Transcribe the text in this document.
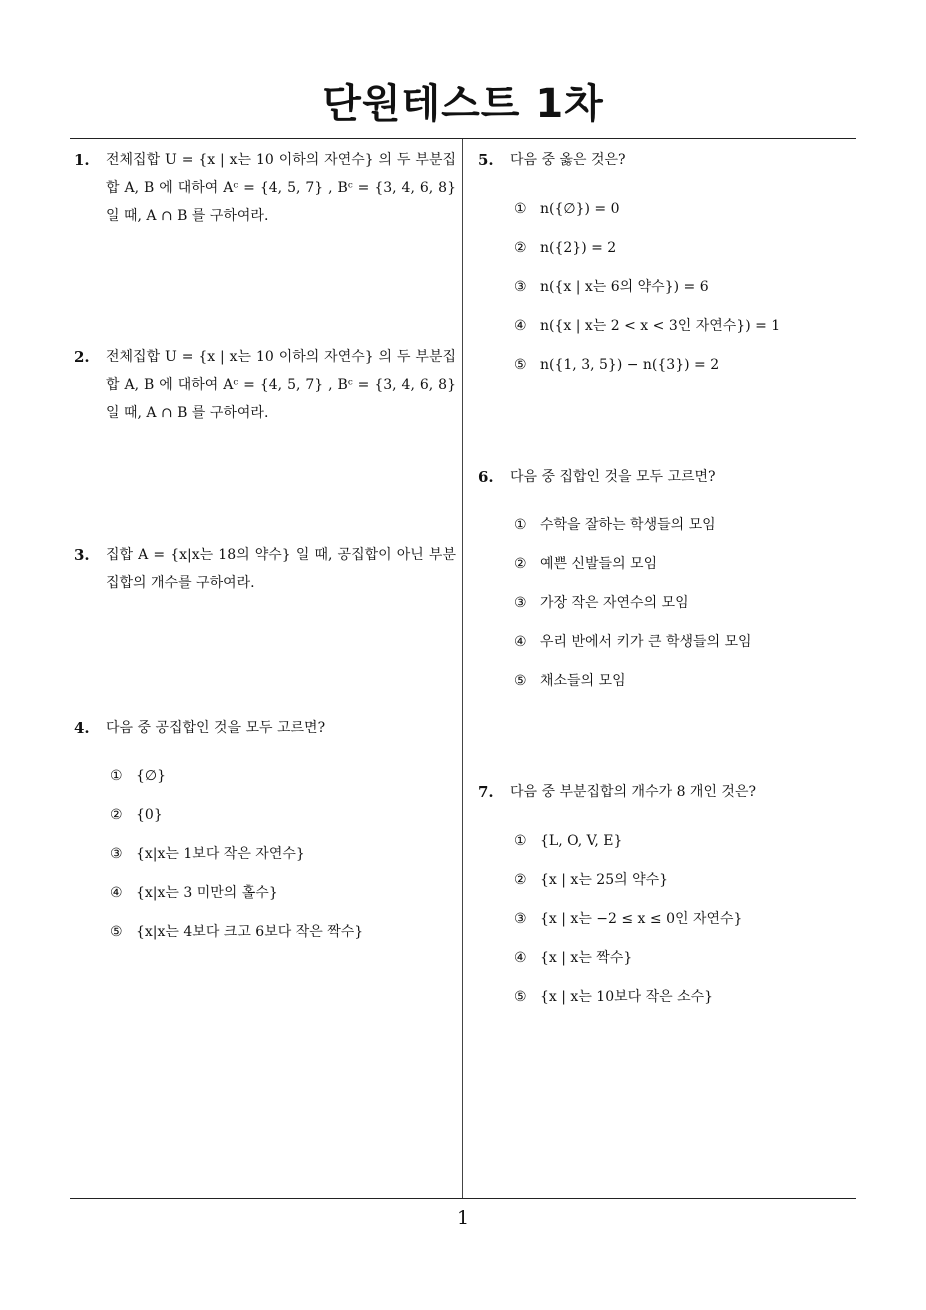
단원테스트 1차
1. 전체집합 U = {x | x는 10 이하의 자연수} 의 두 부분집합 A, B 에 대하여 Aᶜ = {4, 5, 7} , Bᶜ = {3, 4, 6, 8} 일 때, A ∩ B 를 구하여라.
2. 전체집합 U = {x | x는 10 이하의 자연수} 의 두 부분집합 A, B 에 대하여 Aᶜ = {4, 5, 7} , Bᶜ = {3, 4, 6, 8} 일 때, A ∩ B 를 구하여라.
3. 집합 A = {x|x는 18의 약수} 일 때, 공집합이 아닌 부분집합의 개수를 구하여라.
4. 다음 중 공집합인 것을 모두 고르면?
① {∅}
② {0}
③ {x|x는 1보다 작은 자연수}
④ {x|x는 3 미만의 홀수}
⑤ {x|x는 4보다 크고 6보다 작은 짝수}
5. 다음 중 옳은 것은?
① n({∅}) = 0
② n({2}) = 2
③ n({x | x는 6의 약수}) = 6
④ n({x | x는 2 < x < 3인 자연수}) = 1
⑤ n({1, 3, 5}) − n({3}) = 2
6. 다음 중 집합인 것을 모두 고르면?
① 수학을 잘하는 학생들의 모임
② 예쁜 신발들의 모임
③ 가장 작은 자연수의 모임
④ 우리 반에서 키가 큰 학생들의 모임
⑤ 채소들의 모임
7. 다음 중 부분집합의 개수가 8 개인 것은?
① {L, O, V, E}
② {x | x는 25의 약수}
③ {x | x는 −2 ≤ x ≤ 0인 자연수}
④ {x | x는 짝수}
⑤ {x | x는 10보다 작은 소수}
1
